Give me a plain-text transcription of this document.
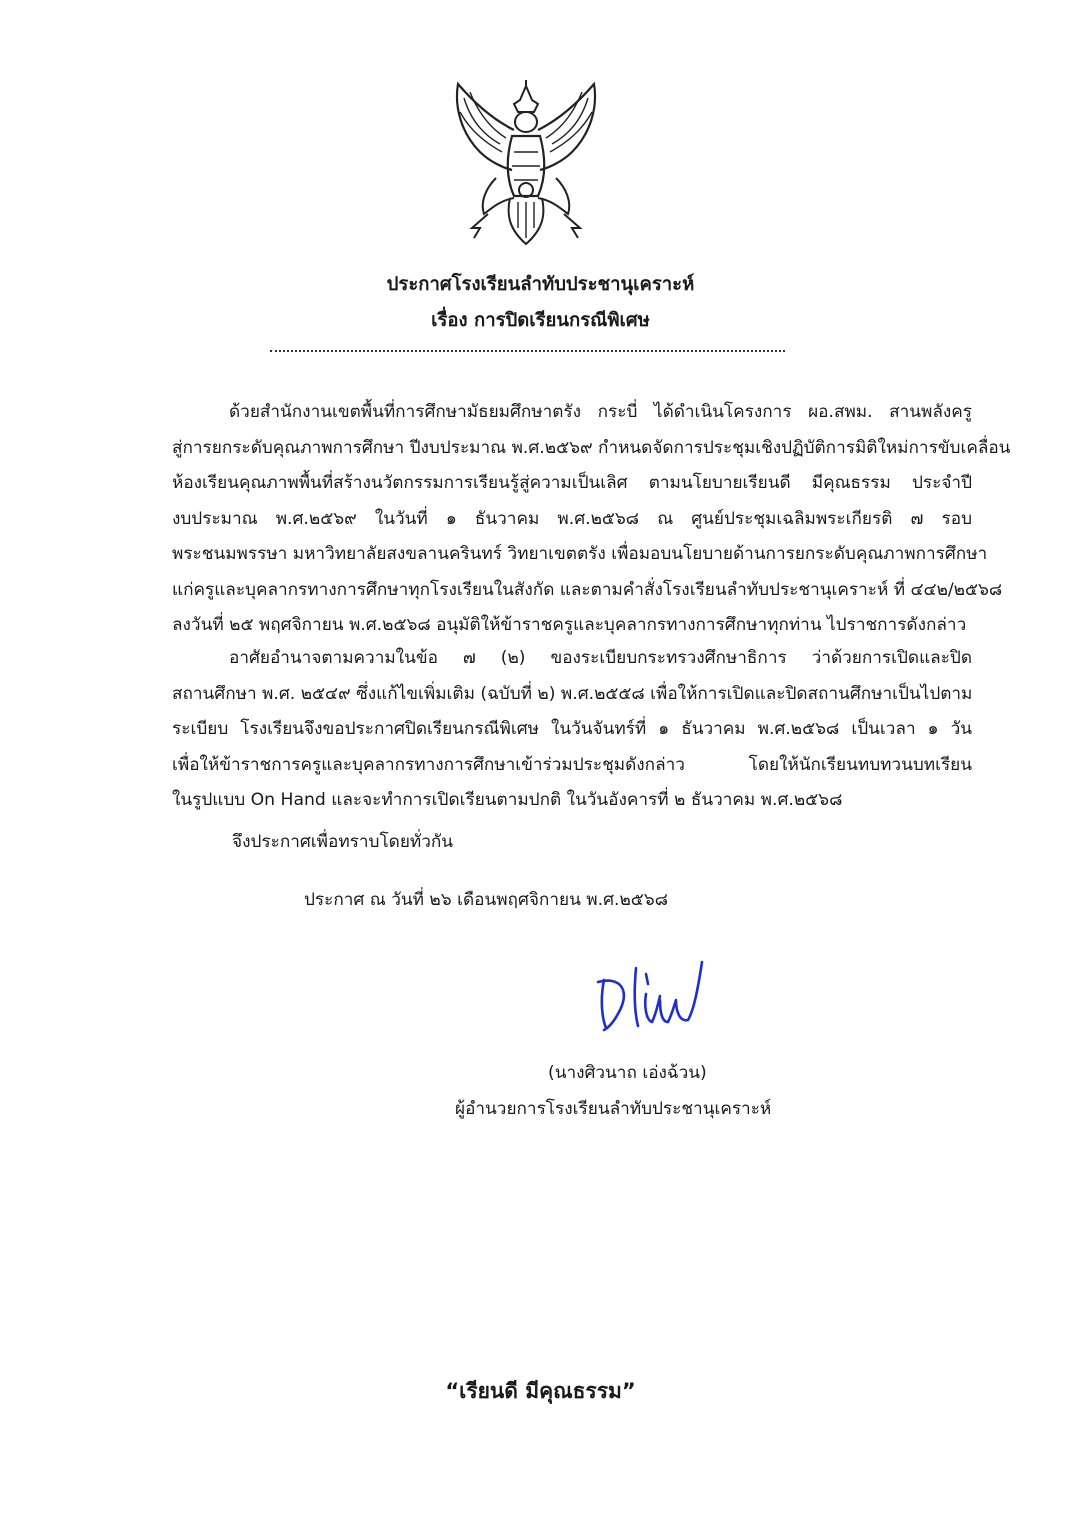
ประกาศโรงเรียนลำทับประชานุเคราะห์
เรื่อง การปิดเรียนกรณีพิเศษ
ด้วยสำนักงานเขตพื้นที่การศึกษามัธยมศึกษาตรัง กระบี่ ได้ดำเนินโครงการ ผอ.สพม. สานพลังครู
สู่การยกระดับคุณภาพการศึกษา ปีงบประมาณ พ.ศ.๒๕๖๙ กำหนดจัดการประชุมเชิงปฏิบัติการมิติใหม่การขับเคลื่อน
ห้องเรียนคุณภาพพื้นที่สร้างนวัตกรรมการเรียนรู้สู่ความเป็นเลิศ ตามนโยบายเรียนดี มีคุณธรรม ประจำปี
งบประมาณ พ.ศ.๒๕๖๙ ในวันที่ ๑ ธันวาคม พ.ศ.๒๕๖๘ ณ ศูนย์ประชุมเฉลิมพระเกียรติ ๗ รอบ
พระชนมพรรษา มหาวิทยาลัยสงขลานครินทร์ วิทยาเขตตรัง เพื่อมอบนโยบายด้านการยกระดับคุณภาพการศึกษา
แก่ครูและบุคลากรทางการศึกษาทุกโรงเรียนในสังกัด และตามคำสั่งโรงเรียนลำทับประชานุเคราะห์ ที่ ๔๔๒/๒๕๖๘
ลงวันที่ ๒๕ พฤศจิกายน พ.ศ.๒๕๖๘ อนุมัติให้ข้าราชครูและบุคลากรทางการศึกษาทุกท่าน ไปราชการดังกล่าว
อาศัยอำนาจตามความในข้อ ๗ (๒) ของระเบียบกระทรวงศึกษาธิการ ว่าด้วยการเปิดและปิด
สถานศึกษา พ.ศ. ๒๕๔๙ ซึ่งแก้ไขเพิ่มเติม (ฉบับที่ ๒) พ.ศ.๒๕๕๘ เพื่อให้การเปิดและปิดสถานศึกษาเป็นไปตาม
ระเบียบ โรงเรียนจึงขอประกาศปิดเรียนกรณีพิเศษ ในวันจันทร์ที่ ๑ ธันวาคม พ.ศ.๒๕๖๘ เป็นเวลา ๑ วัน
เพื่อให้ข้าราชการครูและบุคลากรทางการศึกษาเข้าร่วมประชุมดังกล่าว โดยให้นักเรียนทบทวนบทเรียน
ในรูปแบบ On Hand และจะทำการเปิดเรียนตามปกติ ในวันอังคารที่ ๒ ธันวาคม พ.ศ.๒๕๖๘
จึงประกาศเพื่อทราบโดยทั่วกัน
ประกาศ ณ วันที่ ๒๖ เดือนพฤศจิกายน พ.ศ.๒๕๖๘
(นางศิวนาถ เอ่งฉ้วน)
ผู้อำนวยการโรงเรียนลำทับประชานุเคราะห์
“เรียนดี มีคุณธรรม”
